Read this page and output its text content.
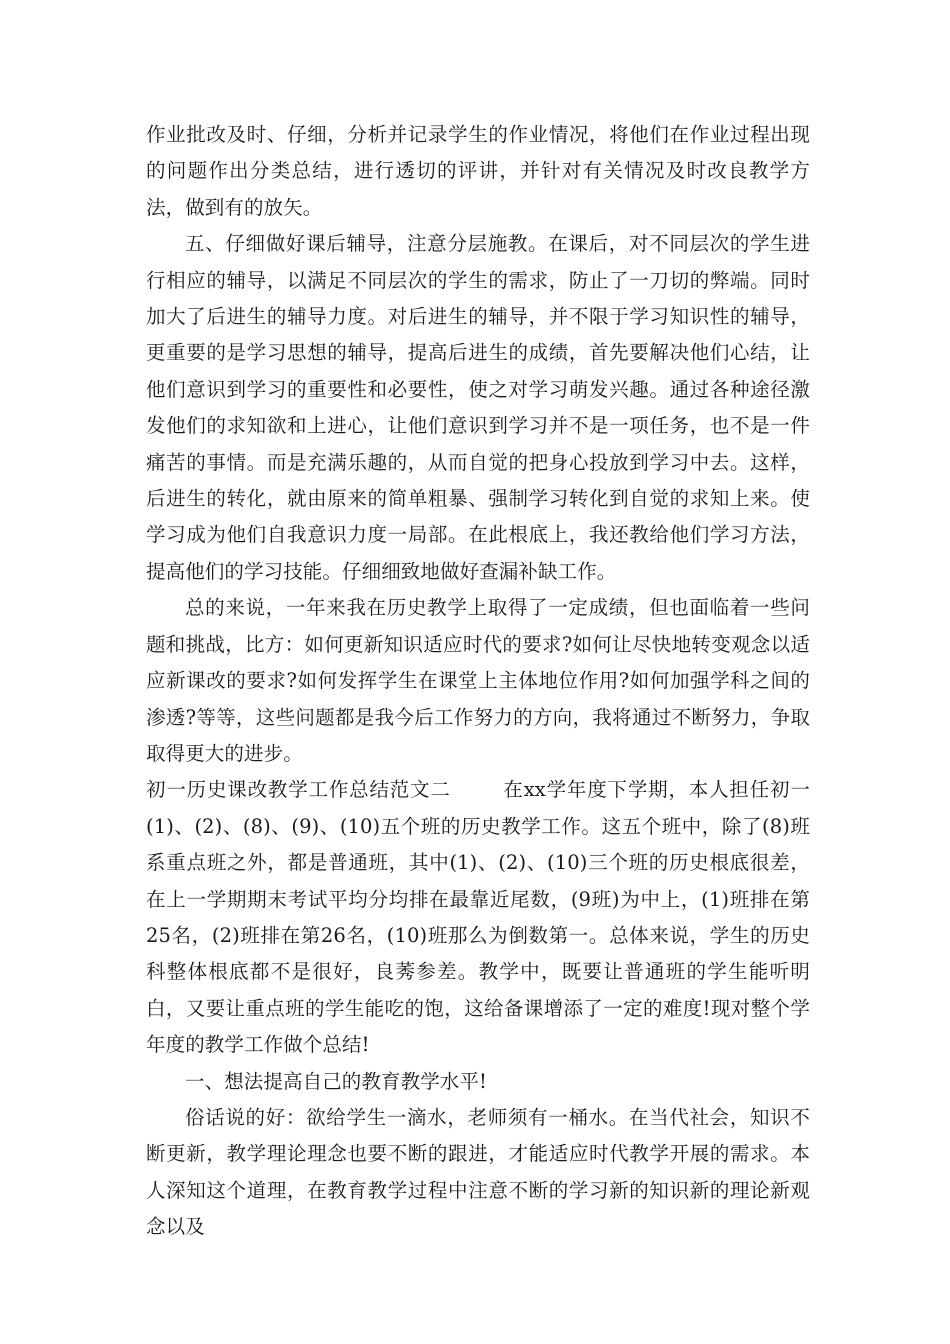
作业批改及时、仔细，分析并记录学生的作业情况，将他们在作业过程出现的问题作出分类总结，进行透切的评讲，并针对有关情况及时改良教学方法，做到有的放矢。

五、仔细做好课后辅导，注意分层施教。在课后，对不同层次的学生进行相应的辅导，以满足不同层次的学生的需求，防止了一刀切的弊端。同时加大了后进生的辅导力度。对后进生的辅导，并不限于学习知识性的辅导，更重要的是学习思想的辅导，提高后进生的成绩，首先要解决他们心结，让他们意识到学习的重要性和必要性，使之对学习萌发兴趣。通过各种途径激发他们的求知欲和上进心，让他们意识到学习并不是一项任务，也不是一件痛苦的事情。而是充满乐趣的，从而自觉的把身心投放到学习中去。这样，后进生的转化，就由原来的简单粗暴、强制学习转化到自觉的求知上来。使学习成为他们自我意识力度一局部。在此根底上，我还教给他们学习方法，提高他们的学习技能。仔细细致地做好查漏补缺工作。

总的来说，一年来我在历史教学上取得了一定成绩，但也面临着一些问题和挑战，比方：如何更新知识适应时代的要求?如何让尽快地转变观念以适应新课改的要求?如何发挥学生在课堂上主体地位作用?如何加强学科之间的渗透?等等，这些问题都是我今后工作努力的方向，我将通过不断努力，争取取得更大的进步。

初一历史课改教学工作总结范文二	在xx学年度下学期，本人担任初一(1)、(2)、(8)、(9)、(10)五个班的历史教学工作。这五个班中，除了(8)班系重点班之外，都是普通班，其中(1)、(2)、(10)三个班的历史根底很差，在上一学期期末考试平均分均排在最靠近尾数，(9班)为中上，(1)班排在第25名，(2)班排在第26名，(10)班那么为倒数第一。总体来说，学生的历史科整体根底都不是很好，良莠参差。教学中，既要让普通班的学生能听明白，又要让重点班的学生能吃的饱，这给备课增添了一定的难度!现对整个学年度的教学工作做个总结!

一、想法提高自己的教育教学水平!

俗话说的好：欲给学生一滴水，老师须有一桶水。在当代社会，知识不断更新，教学理论理念也要不断的跟进，才能适应时代教学开展的需求。本人深知这个道理，在教育教学过程中注意不断的学习新的知识新的理论新观念以及
